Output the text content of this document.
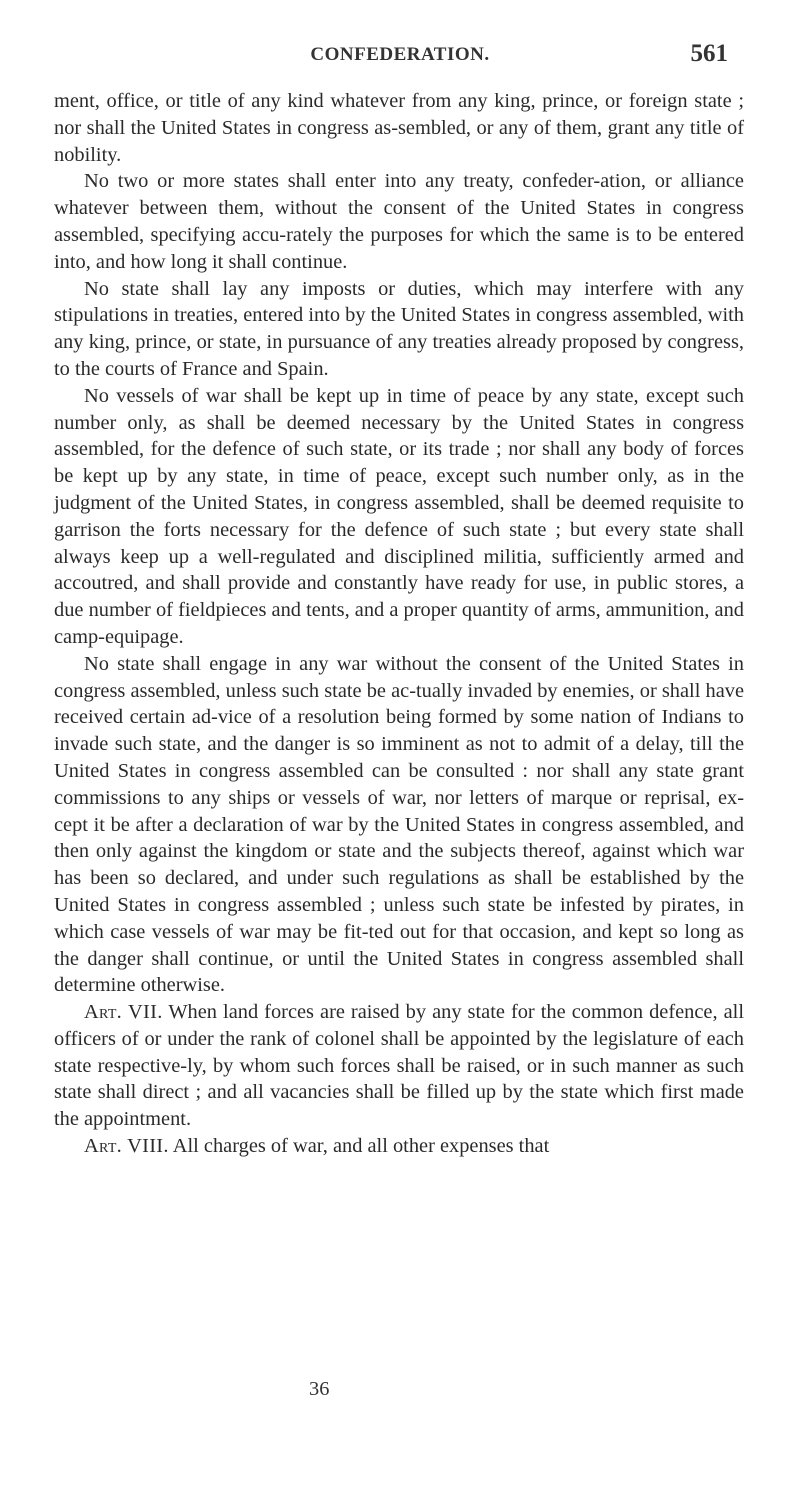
CONFEDERATION.	561

ment, office, or title of any kind whatever from any king, prince, or foreign state ; nor shall the United States in congress as-sembled, or any of them, grant any title of nobility.

No two or more states shall enter into any treaty, confeder-ation, or alliance whatever between them, without the consent of the United States in congress assembled, specifying accu-rately the purposes for which the same is to be entered into, and how long it shall continue.

No state shall lay any imposts or duties, which may interfere with any stipulations in treaties, entered into by the United States in congress assembled, with any king, prince, or state, in pursuance of any treaties already proposed by congress, to the courts of France and Spain.

No vessels of war shall be kept up in time of peace by any state, except such number only, as shall be deemed necessary by the United States in congress assembled, for the defence of such state, or its trade ; nor shall any body of forces be kept up by any state, in time of peace, except such number only, as in the judgment of the United States, in congress assembled, shall be deemed requisite to garrison the forts necessary for the defence of such state ; but every state shall always keep up a well-regulated and disciplined militia, sufficiently armed and accoutred, and shall provide and constantly have ready for use, in public stores, a due number of fieldpieces and tents, and a proper quantity of arms, ammunition, and camp-equipage.

No state shall engage in any war without the consent of the United States in congress assembled, unless such state be ac-tually invaded by enemies, or shall have received certain ad-vice of a resolution being formed by some nation of Indians to invade such state, and the danger is so imminent as not to admit of a delay, till the United States in congress assembled can be consulted : nor shall any state grant commissions to any ships or vessels of war, nor letters of marque or reprisal, ex-cept it be after a declaration of war by the United States in congress assembled, and then only against the kingdom or state and the subjects thereof, against which war has been so declared, and under such regulations as shall be established by the United States in congress assembled ; unless such state be infested by pirates, in which case vessels of war may be fit-ted out for that occasion, and kept so long as the danger shall continue, or until the United States in congress assembled shall determine otherwise.

Art. VII. When land forces are raised by any state for the common defence, all officers of or under the rank of colonel shall be appointed by the legislature of each state respective-ly, by whom such forces shall be raised, or in such manner as such state shall direct ; and all vacancies shall be filled up by the state which first made the appointment.

Art. VIII. All charges of war, and all other expenses that

36
